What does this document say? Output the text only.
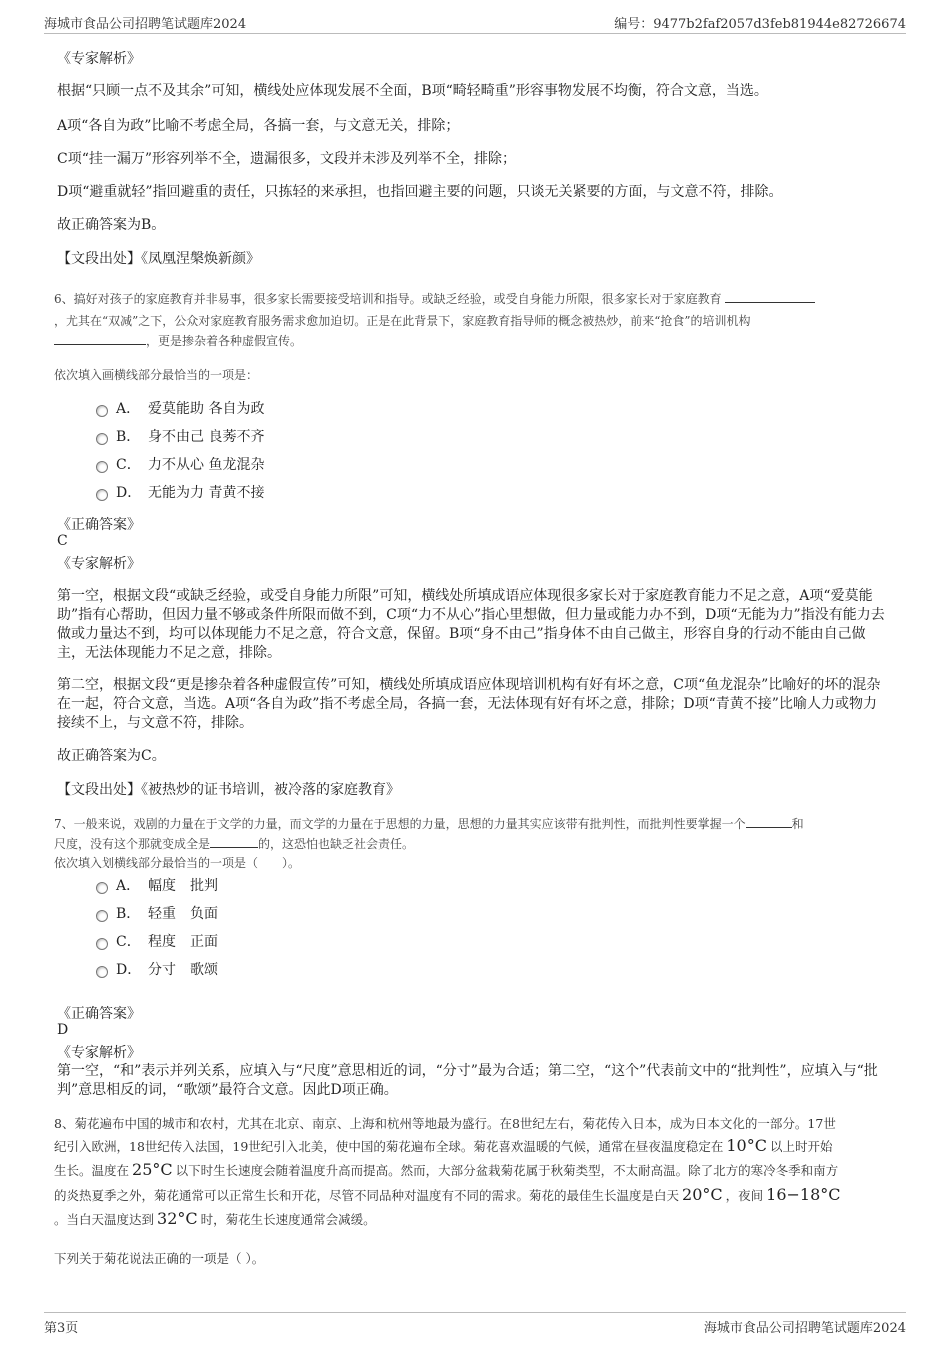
海城市食品公司招聘笔试题库2024	编号：9477b2faf2057d3feb81944e82726674
《专家解析》
根据“只顾一点不及其余”可知，横线处应体现发展不全面，B项“畸轻畸重”形容事物发展不均衡，符合文意，当选。
A项“各自为政”比喻不考虑全局，各搞一套，与文意无关，排除；
C项“挂一漏万”形容列举不全，遗漏很多，文段并未涉及列举不全，排除；
D项“避重就轻”指回避重的责任，只拣轻的来承担，也指回避主要的问题，只谈无关紧要的方面，与文意不符，排除。
故正确答案为B。
【文段出处】《凤凰涅槃焕新颜》
6、搞好对孩子的家庭教育并非易事，很多家长需要接受培训和指导。或缺乏经验，或受自身能力所限，很多家长对于家庭教育
，尤其在“双减”之下，公众对家庭教育服务需求愈加迫切。正是在此背景下，家庭教育指导师的概念被热炒，前来“抢食”的培训机构
，更是掺杂着各种虚假宣传。
依次填入画横线部分最恰当的一项是：
A． 爱莫能助 各自为政
B． 身不由己 良莠不齐
C． 力不从心 鱼龙混杂
D． 无能为力 青黄不接
《正确答案》
C
《专家解析》
第一空，根据文段“或缺乏经验，或受自身能力所限”可知，横线处所填成语应体现很多家长对于家庭教育能力不足之意，A项“爱莫能助”指有心帮助，但因力量不够或条件所限而做不到，C项“力不从心”指心里想做，但力量或能力办不到，D项“无能为力”指没有能力去做或力量达不到，均可以体现能力不足之意，符合文意，保留。B项“身不由己”指身体不由自己做主，形容自身的行动不能由自己做主，无法体现能力不足之意，排除。
第二空，根据文段“更是掺杂着各种虚假宣传”可知，横线处所填成语应体现培训机构有好有坏之意，C项“鱼龙混杂”比喻好的坏的混杂在一起，符合文意，当选。A项“各自为政”指不考虑全局，各搞一套，无法体现有好有坏之意，排除；D项“青黄不接”比喻人力或物力接续不上，与文意不符，排除。
故正确答案为C。
【文段出处】《被热炒的证书培训，被冷落的家庭教育》
7、一般来说，戏剧的力量在于文学的力量，而文学的力量在于思想的力量，思想的力量其实应该带有批判性，而批判性要掌握一个	和
尺度，没有这个那就变成全是	的，这恐怕也缺乏社会责任。
依次填入划横线部分最恰当的一项是（　　）。
A． 幅度　批判
B． 轻重　负面
C． 程度　正面
D． 分寸　歌颂
《正确答案》
D
《专家解析》
第一空，“和”表示并列关系，应填入与“尺度”意思相近的词，“分寸”最为合适；第二空，“这个”代表前文中的“批判性”，应填入与“批判”意思相反的词，“歌颂”最符合文意。因此D项正确。
8、菊花遍布中国的城市和农村，尤其在北京、南京、上海和杭州等地最为盛行。在8世纪左右，菊花传入日本，成为日本文化的一部分。17世
纪引入欧洲，18世纪传入法国，19世纪引入北美，使中国的菊花遍布全球。菊花喜欢温暖的气候，通常在昼夜温度稳定在 10°C 以上时开始
生长。温度在 25°C 以下时生长速度会随着温度升高而提高。然而，大部分盆栽菊花属于秋菊类型，不太耐高温。除了北方的寒冷冬季和南方
的炎热夏季之外，菊花通常可以正常生长和开花，尽管不同品种对温度有不同的需求。菊花的最佳生长温度是白天 20°C ，夜间 16−18°C
。当白天温度达到 32°C 时，菊花生长速度通常会减缓。
下列关于菊花说法正确的一项是（ ）。
第3页	海城市食品公司招聘笔试题库2024
